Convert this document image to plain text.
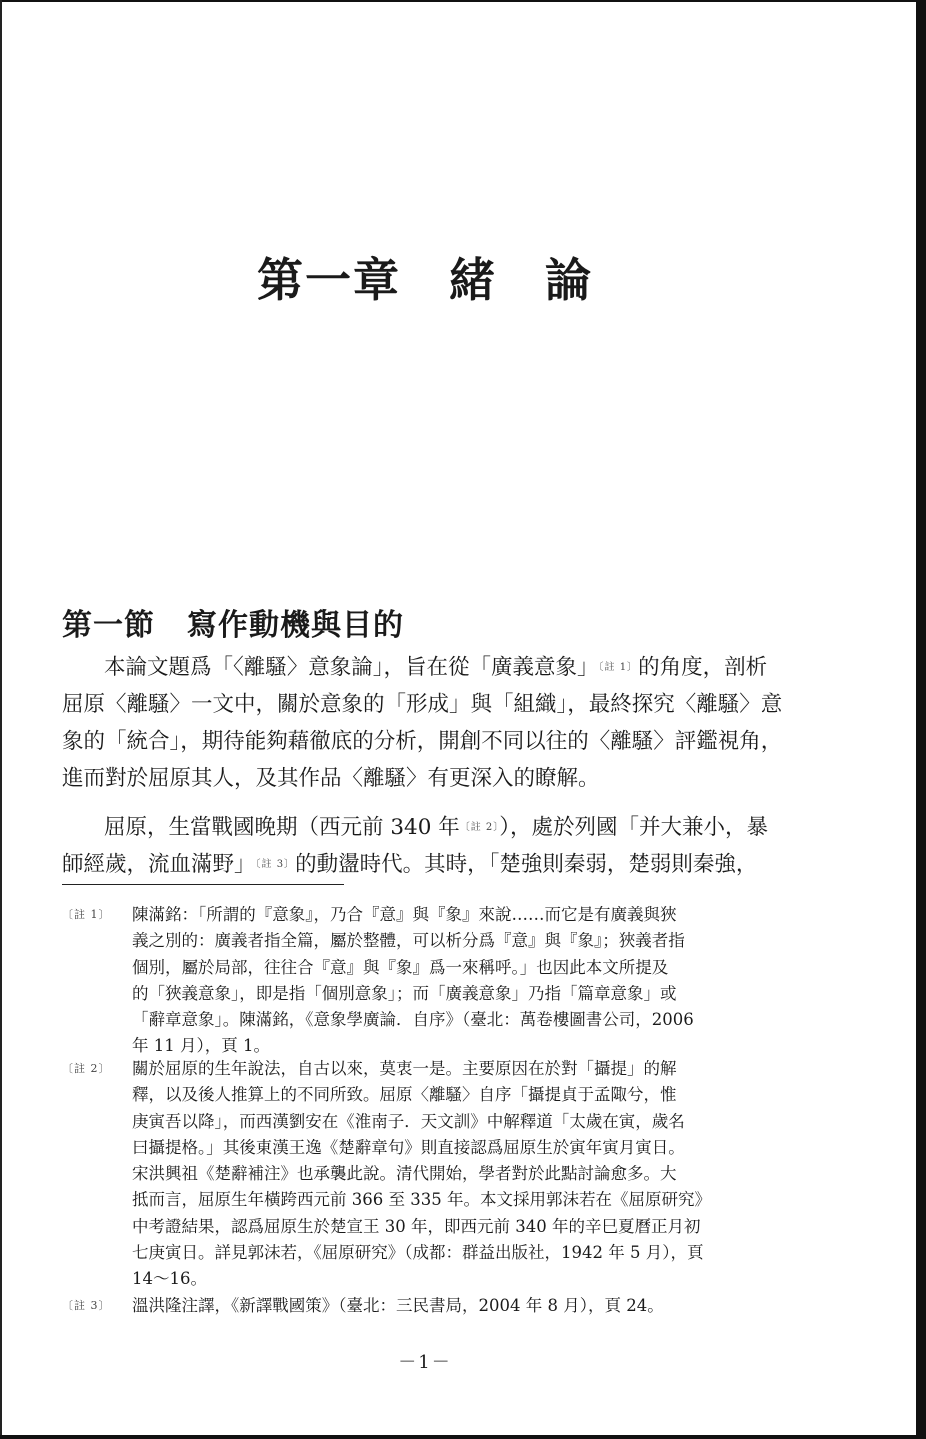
第一章 緒　論
第一節 寫作動機與目的
本論文題爲「〈離騷〉意象論」，旨在從「廣義意象」〔註 1〕的角度，剖析
屈原〈離騷〉一文中，關於意象的「形成」與「組織」，最終探究〈離騷〉意
象的「統合」，期待能夠藉徹底的分析，開創不同以往的〈離騷〉評鑑視角，
進而對於屈原其人，及其作品〈離騷〉有更深入的瞭解。
屈原，生當戰國晚期（西元前 340 年〔註 2〕），處於列國「并大兼小，暴
師經歲，流血滿野」〔註 3〕的動盪時代。其時，「楚強則秦弱，楚弱則秦強，
〔註 1〕	陳滿銘：「所謂的『意象』，乃合『意』與『象』來說……而它是有廣義與狹
義之別的：廣義者指全篇，屬於整體，可以析分爲『意』與『象』；狹義者指
個別，屬於局部，往往合『意』與『象』爲一來稱呼。」也因此本文所提及
的「狹義意象」，即是指「個別意象」；而「廣義意象」乃指「篇章意象」或
「辭章意象」。陳滿銘，《意象學廣論．自序》（臺北：萬卷樓圖書公司，2006
年 11 月），頁 1。
〔註 2〕	關於屈原的生年說法，自古以來，莫衷一是。主要原因在於對「攝提」的解
釋，以及後人推算上的不同所致。屈原〈離騷〉自序「攝提貞于孟陬兮，惟
庚寅吾以降」，而西漢劉安在《淮南子．天文訓》中解釋道「太歲在寅，歲名
曰攝提格。」其後東漢王逸《楚辭章句》則直接認爲屈原生於寅年寅月寅日。
宋洪興祖《楚辭補注》也承襲此說。清代開始，學者對於此點討論愈多。大
抵而言，屈原生年橫跨西元前 366 至 335 年。本文採用郭沫若在《屈原研究》
中考證結果，認爲屈原生於楚宣王 30 年，即西元前 340 年的辛巳夏曆正月初
七庚寅日。詳見郭沫若，《屈原研究》（成都：群益出版社，1942 年 5 月），頁
14～16。
〔註 3〕	溫洪隆注譯，《新譯戰國策》（臺北：三民書局，2004 年 8 月），頁 24。
－1－
